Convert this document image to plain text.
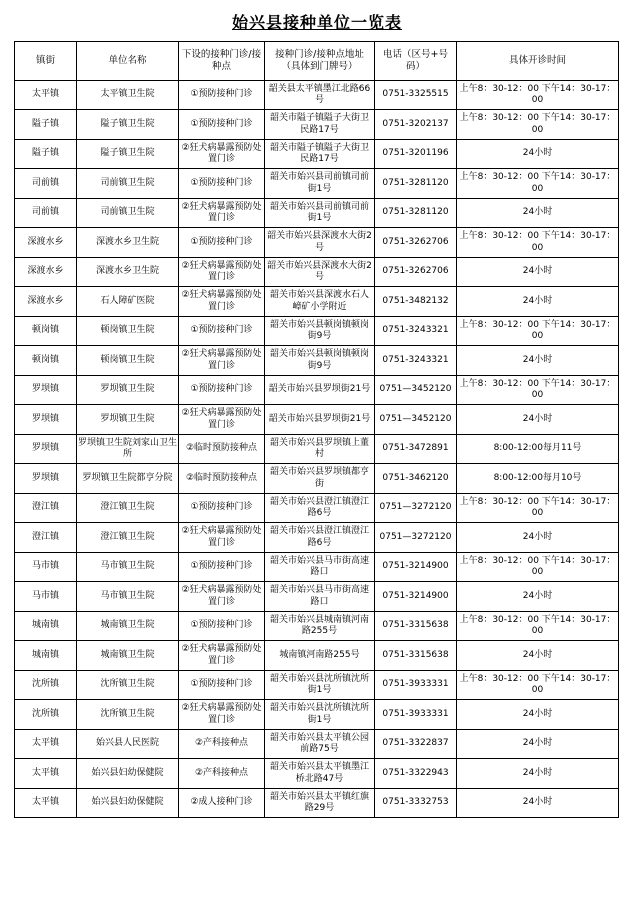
始兴县接种单位一览表
镇街	单位名称	下设的接种门诊/接种点	接种门诊/接种点地址（具体到门牌号）	电话（区号+号码）	具体开诊时间
太平镇	太平镇卫生院	①预防接种门诊	韶关县太平镇墨江北路66号	0751-3325515	上午8：30-12：00 下午14：30-17：00
隘子镇	隘子镇卫生院	①预防接种门诊	韶关市隘子镇隘子大街卫民路17号	0751-3202137	上午8：30-12：00 下午14：30-17：00
隘子镇	隘子镇卫生院	②狂犬病暴露预防处置门诊	韶关市隘子镇隘子大街卫民路17号	0751-3201196	24小时
司前镇	司前镇卫生院	①预防接种门诊	韶关市始兴县司前镇司前街1号	0751-3281120	上午8：30-12：00 下午14：30-17：00
司前镇	司前镇卫生院	②狂犬病暴露预防处置门诊	韶关市始兴县司前镇司前街1号	0751-3281120	24小时
深渡水乡	深渡水乡卫生院	①预防接种门诊	韶关市始兴县深渡水大街2号	0751-3262706	上午8：30-12：00 下午14：30-17：00
深渡水乡	深渡水乡卫生院	②狂犬病暴露预防处置门诊	韶关市始兴县深渡水大街2号	0751-3262706	24小时
深渡水乡	石人障矿医院	②狂犬病暴露预防处置门诊	韶关市始兴县深渡水石人嶂矿小学附近	0751-3482132	24小时
顿岗镇	顿岗镇卫生院	①预防接种门诊	韶关市始兴县顿岗镇顿岗街9号	0751-3243321	上午8：30-12：00 下午14：30-17：00
顿岗镇	顿岗镇卫生院	②狂犬病暴露预防处置门诊	韶关市始兴县顿岗镇顿岗街9号	0751-3243321	24小时
罗坝镇	罗坝镇卫生院	①预防接种门诊	韶关市始兴县罗坝街21号	0751—3452120	上午8：30-12：00 下午14：30-17：00
罗坝镇	罗坝镇卫生院	②狂犬病暴露预防处置门诊	韶关市始兴县罗坝街21号	0751—3452120	24小时
罗坝镇	罗坝镇卫生院刘家山卫生所	②临时预防接种点	韶关市始兴县罗坝镇上董村	0751-3472891	8:00-12:00每月11号
罗坝镇	罗坝镇卫生院都亨分院	②临时预防接种点	韶关市始兴县罗坝镇都亨街	0751-3462120	8:00-12:00每月10号
澄江镇	澄江镇卫生院	①预防接种门诊	韶关市始兴县澄江镇澄江路6号	0751—3272120	上午8：30-12：00 下午14：30-17：00
澄江镇	澄江镇卫生院	②狂犬病暴露预防处置门诊	韶关市始兴县澄江镇澄江路6号	0751—3272120	24小时
马市镇	马市镇卫生院	①预防接种门诊	韶关市始兴县马市街高速路口	0751-3214900	上午8：30-12：00 下午14：30-17：00
马市镇	马市镇卫生院	②狂犬病暴露预防处置门诊	韶关市始兴县马市街高速路口	0751-3214900	24小时
城南镇	城南镇卫生院	①预防接种门诊	韶关市始兴县城南镇河南路255号	0751-3315638	上午8：30-12：00 下午14：30-17：00
城南镇	城南镇卫生院	②狂犬病暴露预防处置门诊	城南镇河南路255号	0751-3315638	24小时
沈所镇	沈所镇卫生院	①预防接种门诊	韶关市始兴县沈所镇沈所街1号	0751-3933331	上午8：30-12：00 下午14：30-17：00
沈所镇	沈所镇卫生院	②狂犬病暴露预防处置门诊	韶关市始兴县沈所镇沈所街1号	0751-3933331	24小时
太平镇	始兴县人民医院	②产科接种点	韶关市始兴县太平镇公园前路75号	0751-3322837	24小时
太平镇	始兴县妇幼保健院	②产科接种点	韶关市始兴县太平镇墨江桥北路47号	0751-3322943	24小时
太平镇	始兴县妇幼保健院	②成人接种门诊	韶关市始兴县太平镇红旗路29号	0751-3332753	24小时
